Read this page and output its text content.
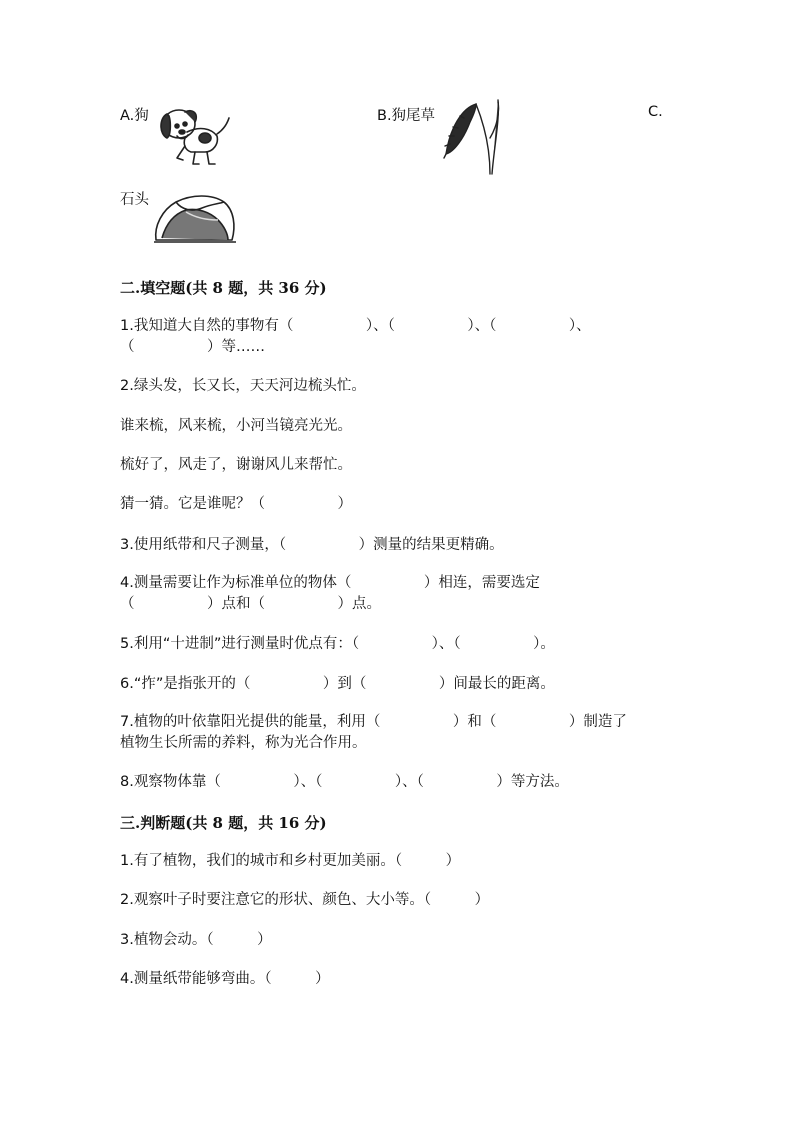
A.狗	B.狗尾草	C.
石头
二.填空题(共 8 题，共 36 分)
1.我知道大自然的事物有（　　　　　）、（　　　　　）、（　　　　　）、
（　　　　　）等……
2.绿头发，长又长，天天河边梳头忙。
谁来梳，风来梳，小河当镜亮光光。
梳好了，风走了，谢谢风儿来帮忙。
猜一猜。它是谁呢？（　　　　　）
3.使用纸带和尺子测量，（　　　　　）测量的结果更精确。
4.测量需要让作为标准单位的物体（　　　　　）相连，需要选定
（　　　　　）点和（　　　　　）点。
5.利用“十进制”进行测量时优点有：（　　　　　）、（　　　　　）。
6.“拃”是指张开的（　　　　　）到（　　　　　）间最长的距离。
7.植物的叶依靠阳光提供的能量，利用（　　　　　）和（　　　　　）制造了
植物生长所需的养料，称为光合作用。
8.观察物体靠（　　　　　）、（　　　　　）、（　　　　　）等方法。
三.判断题(共 8 题，共 16 分)
1.有了植物，我们的城市和乡村更加美丽。（　　　）
2.观察叶子时要注意它的形状、颜色、大小等。（　　　）
3.植物会动。（　　　）
4.测量纸带能够弯曲。（　　　）
